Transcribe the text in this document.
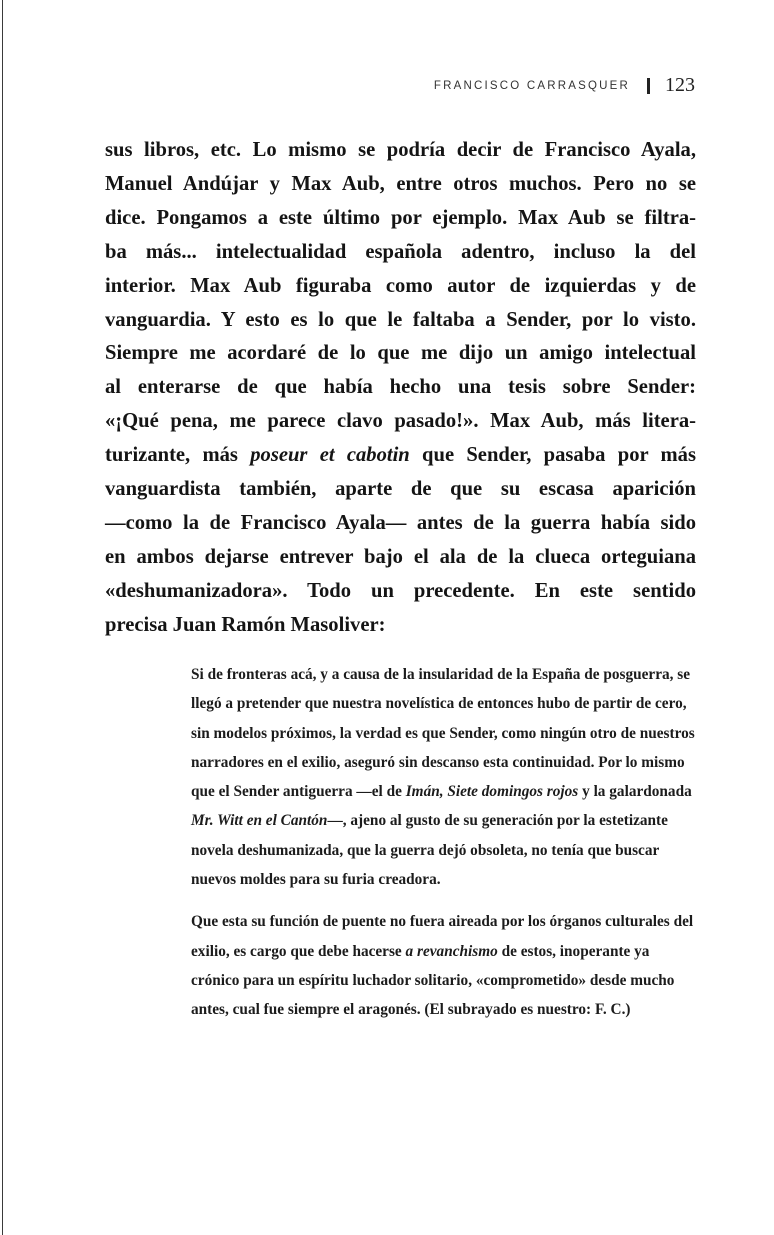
FRANCISCO CARRASQUER 123
sus libros, etc. Lo mismo se podría decir de Francisco Ayala,
Manuel Andújar y Max Aub, entre otros muchos. Pero no se
dice. Pongamos a este último por ejemplo. Max Aub se filtra-
ba más... intelectualidad española adentro, incluso la del
interior. Max Aub figuraba como autor de izquierdas y de
vanguardia. Y esto es lo que le faltaba a Sender, por lo visto.
Siempre me acordaré de lo que me dijo un amigo intelectual
al enterarse de que había hecho una tesis sobre Sender:
«¡Qué pena, me parece clavo pasado!». Max Aub, más litera-
turizante, más poseur et cabotin que Sender, pasaba por más
vanguardista también, aparte de que su escasa aparición
—como la de Francisco Ayala— antes de la guerra había sido
en ambos dejarse entrever bajo el ala de la clueca orteguiana
«deshumanizadora». Todo un precedente. En este sentido
precisa Juan Ramón Masoliver:

Si de fronteras acá, y a causa de la insularidad de la España de posguerra, se llegó a pretender que nuestra novelística de entonces hubo de partir de cero, sin modelos próximos, la verdad es que Sender, como ningún otro de nuestros narradores en el exilio, aseguró sin descanso esta continuidad. Por lo mismo que el Sender antiguerra —el de Imán, Siete domingos rojos y la galardonada Mr. Witt en el Cantón—, ajeno al gusto de su generación por la estetizante novela deshumanizada, que la guerra dejó obsoleta, no tenía que buscar nuevos moldes para su furia creadora.

Que esta su función de puente no fuera aireada por los órganos culturales del exilio, es cargo que debe hacerse a revanchismo de estos, inoperante ya crónico para un espíritu luchador solitario, «comprometido» desde mucho antes, cual fue siempre el aragonés. (El subrayado es nuestro: F. C.)
